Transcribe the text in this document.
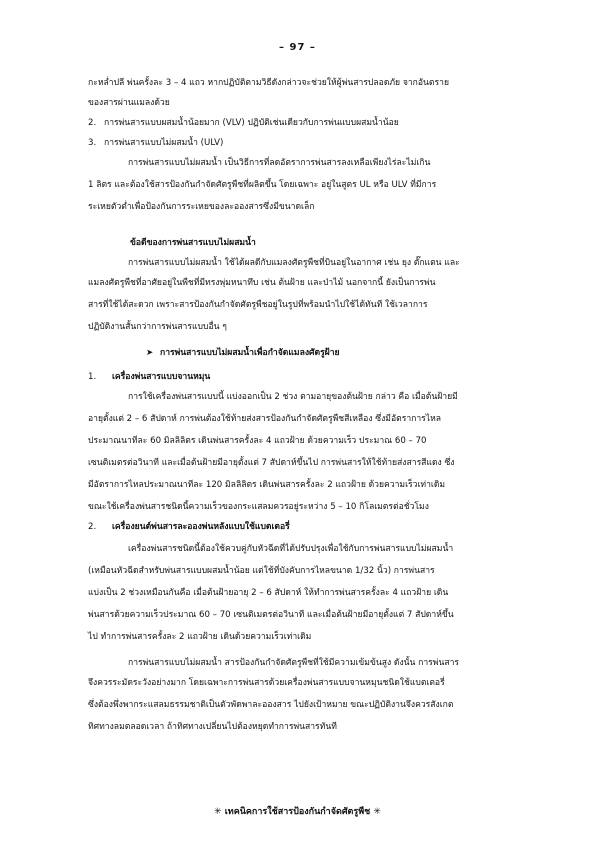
– 97 –
กะหลํ่าปลี พ่นครั้งละ 3 – 4 แถว หากปฏิบัติตามวิธีดังกล่าวจะช่วยให้ผู้พ่นสารปลอดภัย จากอันตราย
ของสารผ่านแมลงด้วย
2. การพ่นสารแบบผสมน้ำน้อยมาก (VLV) ปฏิบัติเช่นเดียวกับการพ่นแบบผสมน้ำน้อย
3. การพ่นสารแบบไม่ผสมน้ำ (ULV)
การพ่นสารแบบไม่ผสมน้ำ เป็นวิธีการที่ลดอัตราการพ่นสารลงเหลือเพียงไร่ละไม่เกิน
1 ลิตร และต้องใช้สารป้องกันกำจัดศัตรูพืชที่ผลิตขึ้น โดยเฉพาะ อยู่ในสูตร UL หรือ ULV ที่มีการ
ระเหยตัวต่ำเพื่อป้องกันการระเหยของละอองสารซึ่งมีขนาดเล็ก
ข้อดีของการพ่นสารแบบไม่ผสมน้ำ
การพ่นสารแบบไม่ผสมน้ำ ใช้ได้ผลดีกับแมลงศัตรูพืชที่บินอยู่ในอากาศ เช่น ยุง ตั๊กแตน และ
แมลงศัตรูพืชที่อาศัยอยู่ในพืชที่มีทรงพุ่มหนาทึบ เช่น ต้นฝ้าย และป่าไม้ นอกจากนี้ ยังเป็นการพ่น
สารที่ใช้ได้สะดวก เพราะสารป้องกันกำจัดศัตรูพืชอยู่ในรูปที่พร้อมนำไปใช้ได้ทันที ใช้เวลาการ
ปฏิบัติงานสั้นกว่าการพ่นสารแบบอื่น ๆ
➤ การพ่นสารแบบไม่ผสมน้ำเพื่อกำจัดแมลงศัตรูฝ้าย
1. เครื่องพ่นสารแบบจานหมุน
การใช้เครื่องพ่นสารแบบนี้ แบ่งออกเป็น 2 ช่วง ตามอายุของต้นฝ้าย กล่าว คือ เมื่อต้นฝ้ายมี
อายุตั้งแต่ 2 – 6 สัปดาห์ การพ่นต้องใช้ท้ายส่งสารป้องกันกำจัดศัตรูพืชสีเหลือง ซึ่งมีอัตราการไหล
ประมาณนาทีละ 60 มิลลิลิตร เดินพ่นสารครั้งละ 4 แถวฝ้าย ด้วยความเร็ว ประมาณ 60 – 70
เซนติเมตรต่อวินาที และเมื่อต้นฝ้ายมีอายุตั้งแต่ 7 สัปดาห์ขึ้นไป การพ่นสารให้ใช้ท้ายส่งสารสีแดง ซึ่ง
มีอัตราการไหลประมาณนาทีละ 120 มิลลิลิตร เดินพ่นสารครั้งละ 2 แถวฝ้าย ด้วยความเร็วเท่าเดิม
ขณะใช้เครื่องพ่นสารชนิดนี้ความเร็วของกระแสลมควรอยู่ระหว่าง 5 – 10 กิโลเมตรต่อชั่วโมง
2. เครื่องยนต์พ่นสารละอองพ่นหลังแบบใช้แบตเตอรี่
เครื่องพ่นสารชนิดนี้ต้องใช้ควบคู่กับหัวฉีดที่ได้ปรับปรุงเพื่อใช้กับการพ่นสารแบบไม่ผสมน้ำ
(เหมือนหัวฉีดสำหรับพ่นสารแบบผสมน้ำน้อย แต่ใช้ที่บังคับการไหลขนาด 1/32 นิ้ว) การพ่นสาร
แบ่งเป็น 2 ช่วงเหมือนกันคือ เมื่อต้นฝ้ายอายุ 2 – 6 สัปดาห์ ให้ทำการพ่นสารครั้งละ 4 แถวฝ้าย เดิน
พ่นสารด้วยความเร็วประมาณ 60 – 70 เซนติเมตรต่อวินาที และเมื่อต้นฝ้ายมีอายุตั้งแต่ 7 สัปดาห์ขึ้น
ไป ทำการพ่นสารครั้งละ 2 แถวฝ้าย เดินด้วยความเร็วเท่าเดิม
การพ่นสารแบบไม่ผสมน้ำ สารป้องกันกำจัดศัตรูพืชที่ใช้มีความเข้มข้นสูง ดังนั้น การพ่นสาร
จึงควรระมัดระวังอย่างมาก โดยเฉพาะการพ่นสารด้วยเครื่องพ่นสารแบบจานหมุนชนิดใช้แบตเตอรี่
ซึ่งต้องพึ่งพากระแสลมธรรมชาติเป็นตัวพัดพาละอองสาร ไปยังเป้าหมาย ขณะปฏิบัติงานจึงควรสังเกต
ทิศทางลมตลอดเวลา ถ้าทิศทางเปลี่ยนไปต้องหยุดทำการพ่นสารทันที
✳ เทคนิคการใช้สารป้องกันกำจัดศัตรูพืช ✳
